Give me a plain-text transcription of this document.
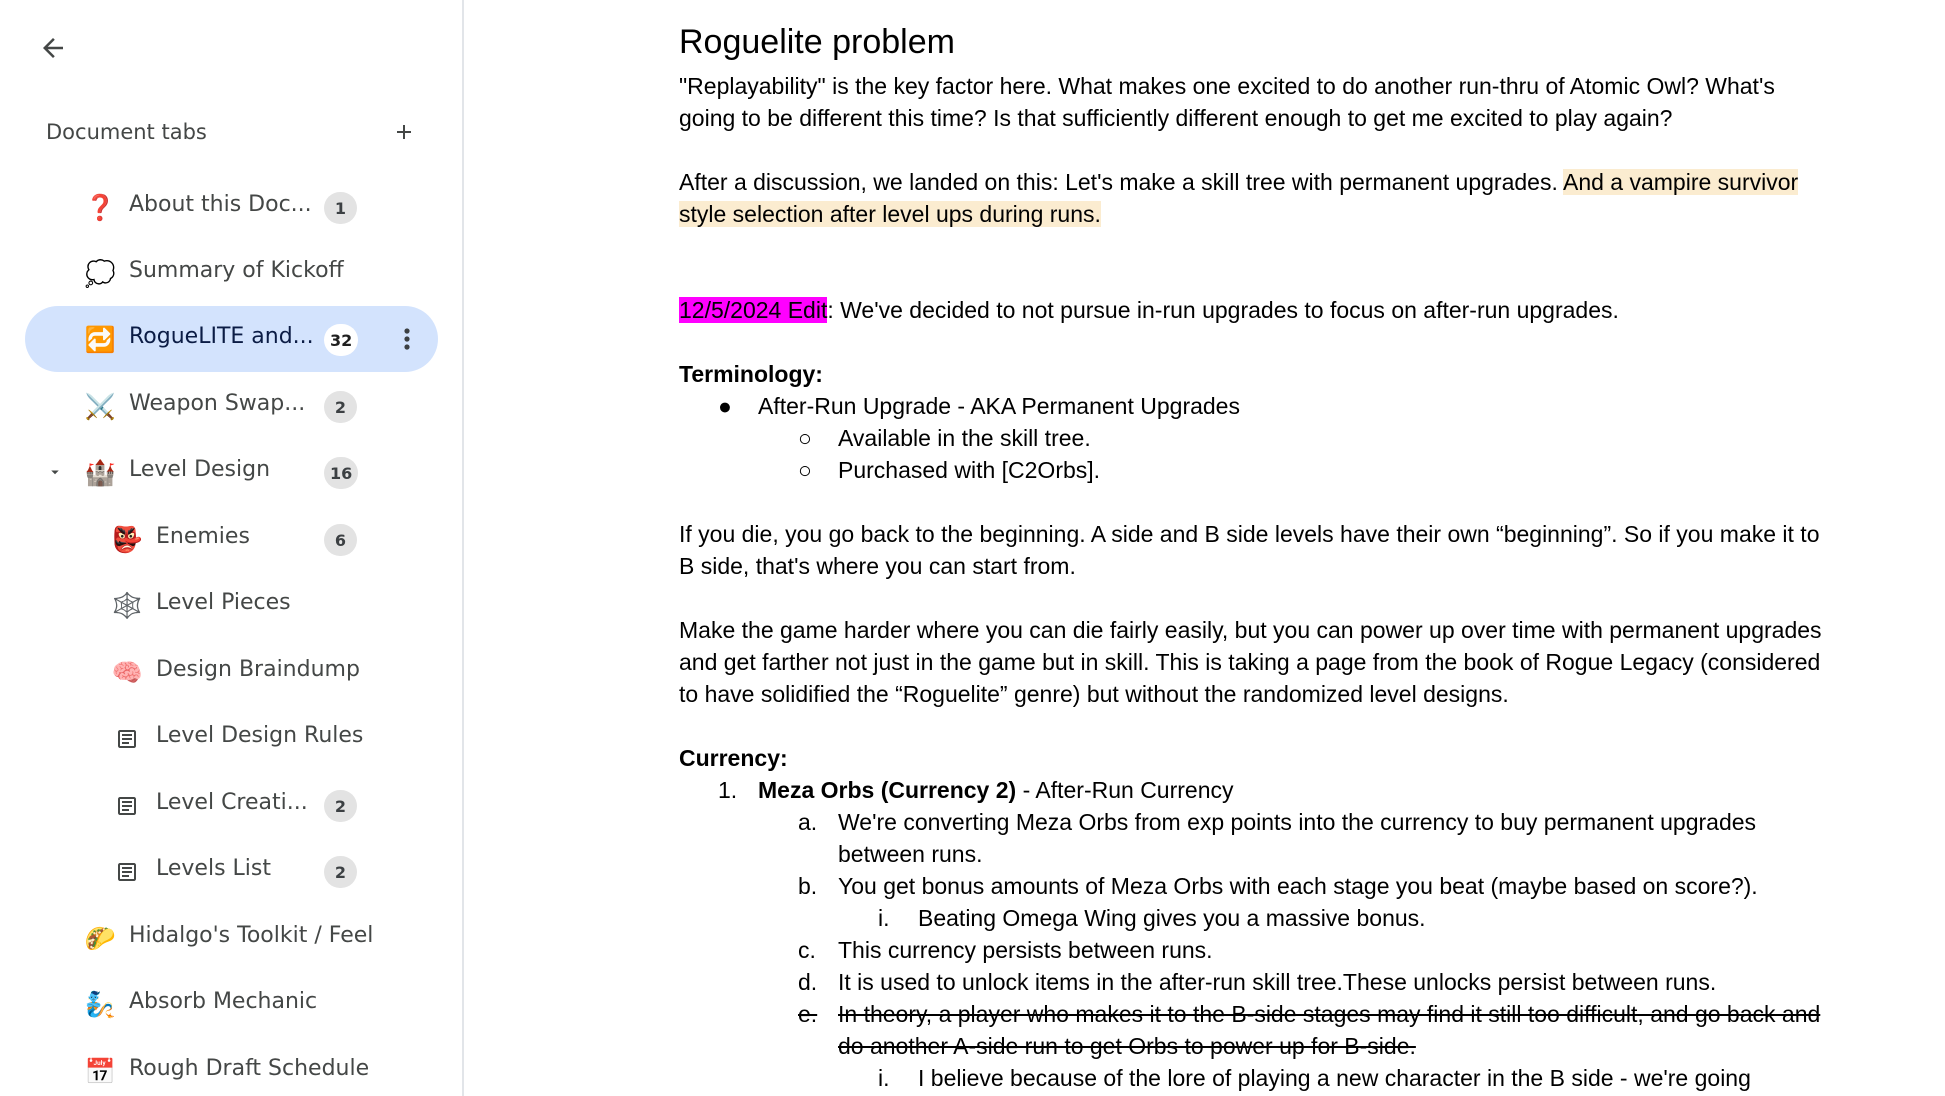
Document tabs
❓ About this Doc...	1
💭 Summary of Kickoff
🔁 RogueLITE and...	32
⚔️ Weapon Swap...	2
🏰 Level Design	16
👺 Enemies	6
🕸️ Level Pieces
🧠 Design Braindump
Level Design Rules
Level Creati...	2
Levels List	2
🌮 Hidalgo's Toolkit / Feel
🧞 Absorb Mechanic
📅 Rough Draft Schedule
Roguelite problem

"Replayability" is the key factor here. What makes one excited to do another run-thru of Atomic Owl? What's going to be different this time? Is that sufficiently different enough to get me excited to play again?

After a discussion, we landed on this: Let's make a skill tree with permanent upgrades. And a vampire survivor style selection after level ups during runs.

12/5/2024 Edit: We've decided to not pursue in-run upgrades to focus on after-run upgrades.

Terminology:

● After-Run Upgrade - AKA Permanent Upgrades
○ Available in the skill tree.
○ Purchased with [C2Orbs].

If you die, you go back to the beginning. A side and B side levels have their own “beginning”. So if you make it to B side, that's where you can start from.

Make the game harder where you can die fairly easily, but you can power up over time with permanent upgrades and get farther not just in the game but in skill. This is taking a page from the book of Rogue Legacy (considered to have solidified the “Roguelite” genre) but without the randomized level designs.

Currency:

1. Meza Orbs (Currency 2) - After-Run Currency
a. We're converting Meza Orbs from exp points into the currency to buy permanent upgrades between runs.
b. You get bonus amounts of Meza Orbs with each stage you beat (maybe based on score?).
i. Beating Omega Wing gives you a massive bonus.
c. This currency persists between runs.
d. It is used to unlock items in the after-run skill tree.These unlocks persist between runs.
e. In theory, a player who makes it to the B-side stages may find it still too difficult, and go back and do another A-side run to get Orbs to power up for B-side.
i. I believe because of the lore of playing a new character in the B side - we're going
